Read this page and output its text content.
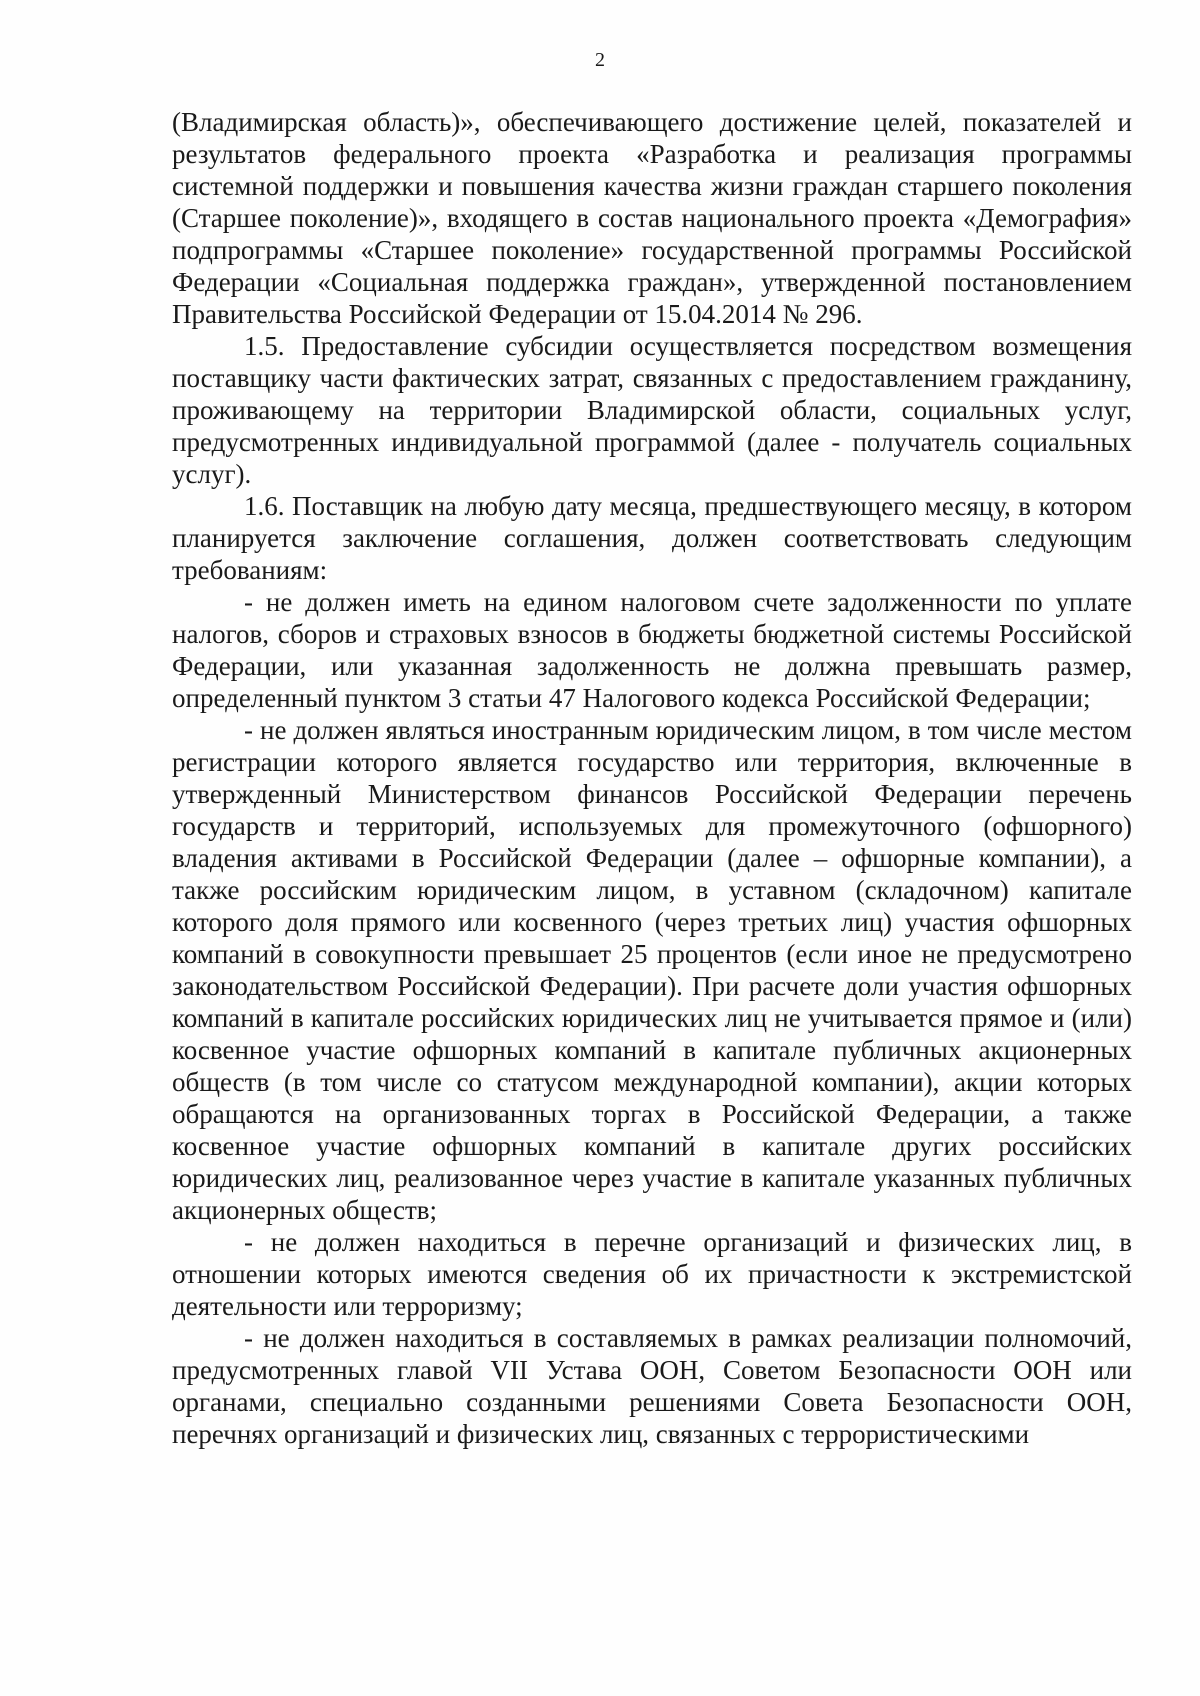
2

(Владимирская область)», обеспечивающего достижение целей, показателей и результатов федерального проекта «Разработка и реализация программы системной поддержки и повышения качества жизни граждан старшего поколения (Старшее поколение)», входящего в состав национального проекта «Демография» подпрограммы «Старшее поколение» государственной программы Российской Федерации «Социальная поддержка граждан», утвержденной постановлением Правительства Российской Федерации от 15.04.2014 № 296.

1.5. Предоставление субсидии осуществляется посредством возмещения поставщику части фактических затрат, связанных с предоставлением гражданину, проживающему на территории Владимирской области, социальных услуг, предусмотренных индивидуальной программой (далее - получатель социальных услуг).

1.6. Поставщик на любую дату месяца, предшествующего месяцу, в котором планируется заключение соглашения, должен соответствовать следующим требованиям:

- не должен иметь на едином налоговом счете задолженности по уплате налогов, сборов и страховых взносов в бюджеты бюджетной системы Российской Федерации, или указанная задолженность не должна превышать размер, определенный пунктом 3 статьи 47 Налогового кодекса Российской Федерации;

- не должен являться иностранным юридическим лицом, в том числе местом регистрации которого является государство или территория, включенные в утвержденный Министерством финансов Российской Федерации перечень государств и территорий, используемых для промежуточного (офшорного) владения активами в Российской Федерации (далее – офшорные компании), а также российским юридическим лицом, в уставном (складочном) капитале которого доля прямого или косвенного (через третьих лиц) участия офшорных компаний в совокупности превышает 25 процентов (если иное не предусмотрено законодательством Российской Федерации). При расчете доли участия офшорных компаний в капитале российских юридических лиц не учитывается прямое и (или) косвенное участие офшорных компаний в капитале публичных акционерных обществ (в том числе со статусом международной компании), акции которых обращаются на организованных торгах в Российской Федерации, а также косвенное участие офшорных компаний в капитале других российских юридических лиц, реализованное через участие в капитале указанных публичных акционерных обществ;

- не должен находиться в перечне организаций и физических лиц, в отношении которых имеются сведения об их причастности к экстремистской деятельности или терроризму;

- не должен находиться в составляемых в рамках реализации полномочий, предусмотренных главой VII Устава ООН, Советом Безопасности ООН или органами, специально созданными решениями Совета Безопасности ООН, перечнях организаций и физических лиц, связанных с террористическими
